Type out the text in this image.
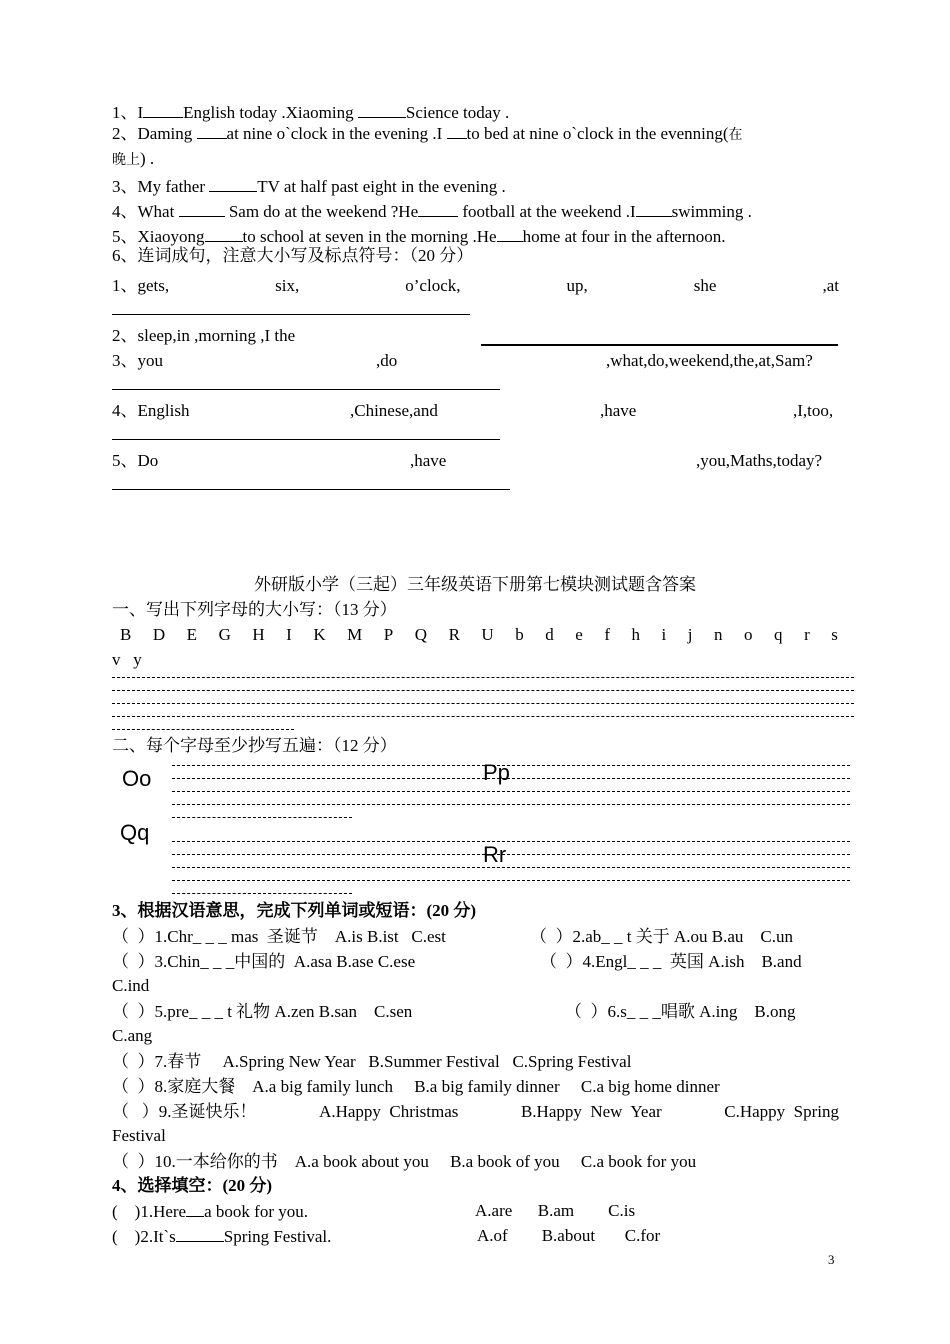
1、I English today .Xiaoming	Science today .
2、Daming at nine o`clock in the evening .I to bed at nine o`clock in the evenning(在
晚上) .
3、My father	TV at half past eight in the evening .
4、What	Sam do at the weekend ?He football at the weekend .I swimming .
5、Xiaoyong to school at seven in the morning .He home at four in the afternoon.
6、连词成句，注意大小写及标点符号：（20 分）
1、gets,	six,	o’clock,	up,	she	,at
2、sleep,in ,morning ,I the
3、you	,do	,what,do,weekend,the,at,Sam?
4、English	,Chinese,and	,have	,I,too,
5、Do	,have	,you,Maths,today?
外研版小学（三起）三年级英语下册第七模块测试题含答案
一、写出下列字母的大小写：（13 分）
B D E G H I K M P Q R U b d e f h i j n o q r s
v   y
二、每个字母至少抄写五遍：（12 分）
Oo	Pp
Qq
Rr
3、根据汉语意思，完成下列单词或短语：(20 分)
（  ）1.Chr_ _ _ mas  圣诞节    A.is B.ist   C.est	（  ）2.ab_ _ t 关于 A.ou B.au    C.un
（  ）3.Chin_ _ _中国的  A.asa B.ase C.ese	（  ）4.Engl_ _ _  英国 A.ish    B.and
C.ind
（  ）5.pre_ _ _ t 礼物 A.zen B.san    C.sen	（  ）6.s_ _ _唱歌 A.ing    B.ong
C.ang
（  ）7.春节     A.Spring New Year   B.Summer Festival   C.Spring Festival
（  ）8.家庭大餐    A.a big family lunch     B.a big family dinner     C.a big home dinner
（   ）9.圣诞快乐！	A.Happy  Christmas	B.Happy  New  Year	C.Happy  Spring
Festival
（  ）10.一本给你的书    A.a book about you     B.a book of you     C.a book for you
4、选择填空：(20 分)
(    )1.Here a book for you.	A.are      B.am        C.is
(    )2.It`s	Spring Festival.	A.of        B.about       C.for
3
